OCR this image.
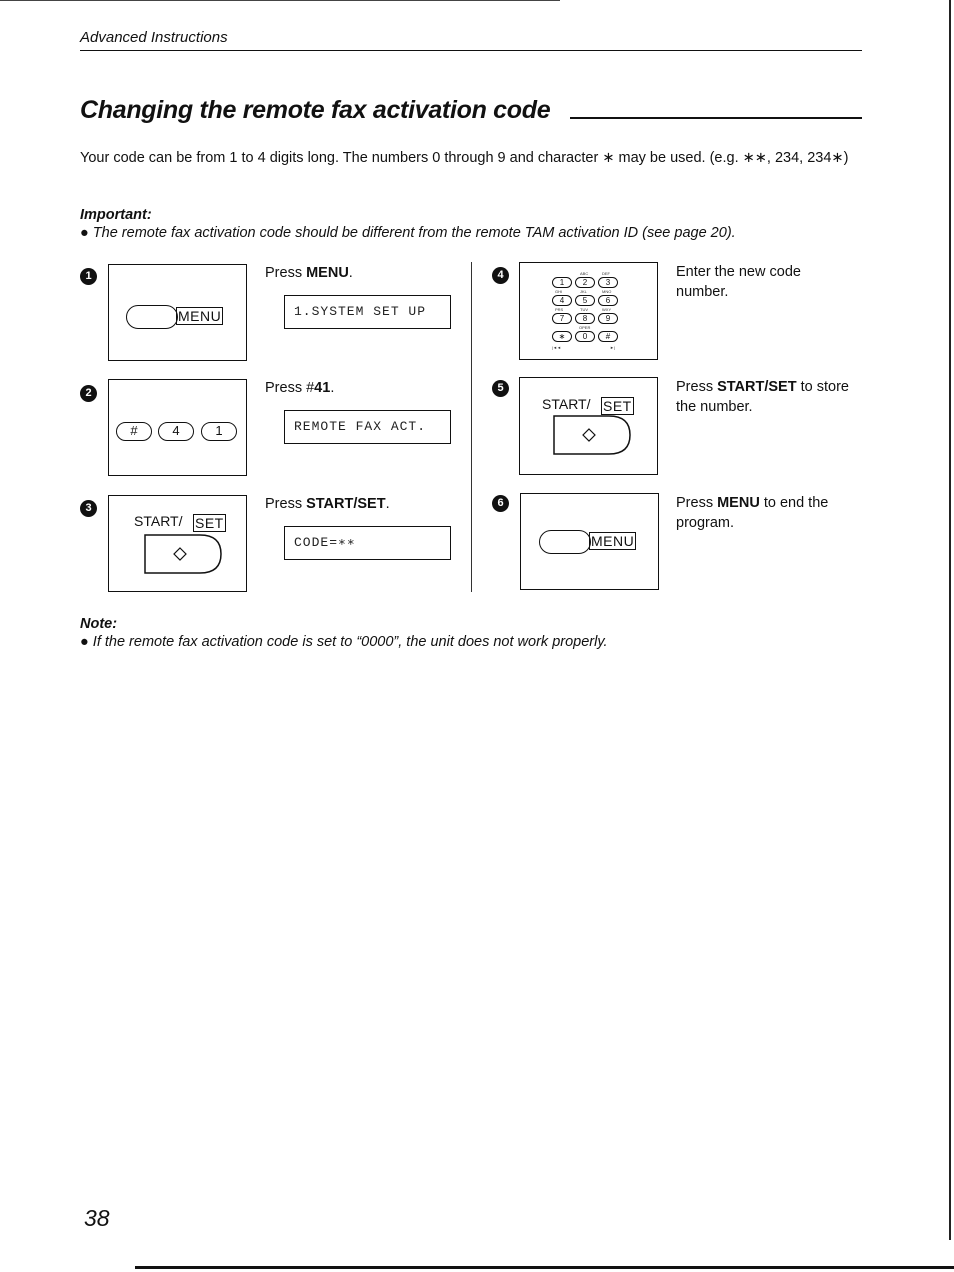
Advanced Instructions
Changing the remote fax activation code
Your code can be from 1 to 4 digits long. The numbers 0 through 9 and character ∗ may be used. (e.g. ∗∗, 234, 234∗)
Important:
● The remote fax activation code should be different from the remote TAM activation ID (see page 20).
1
MENU
Press MENU.
1.SYSTEM SET UP
2
#	4	1
Press #41.
REMOTE FAX ACT.
3
START/ SET
Press START/SET.
CODE=∗∗
4	ABC	DEF
1	2	3
GHI	JKL	MNO
4	5	6
PRS	TUV	WXY
7	8	9
OPER
∗	0	#
|◄◄	►|
Enter the new code number.
5
START/ SET
Press START/SET to store the number.
6
MENU
Press MENU to end the program.
Note:
● If the remote fax activation code is set to “0000”, the unit does not work properly.
38
